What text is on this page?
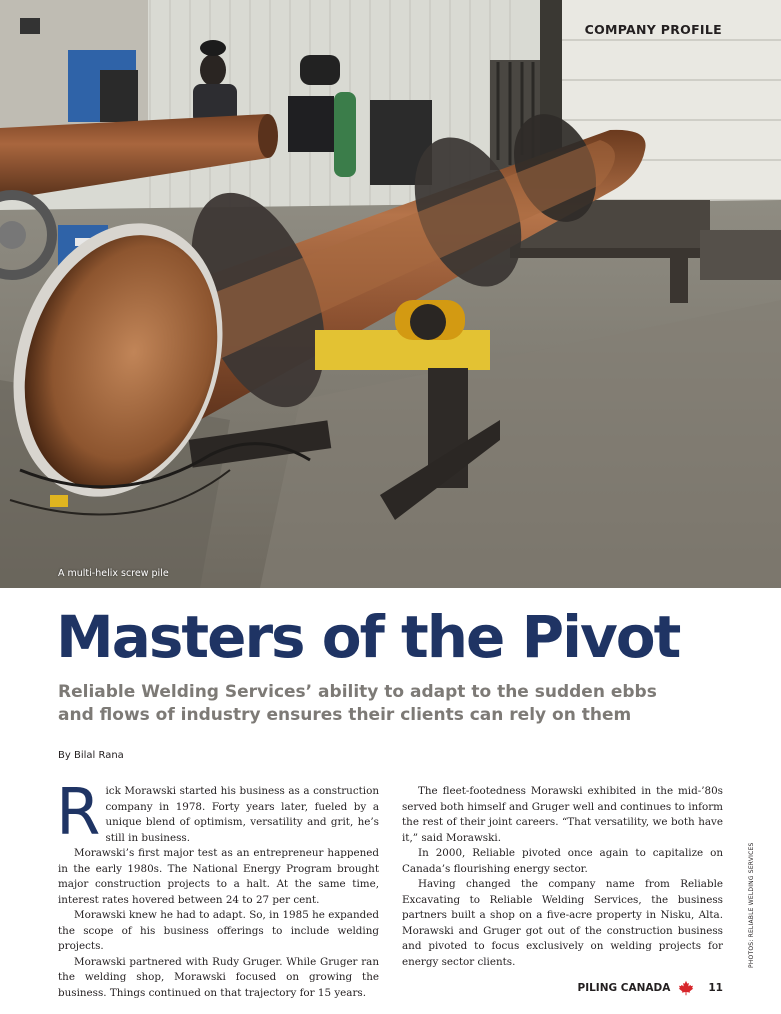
COMPANY PROFILE
A multi-helix screw pile
Masters of the Pivot
Reliable Welding Services’ ability to adapt to the sudden ebbs and flows of industry ensures their clients can rely on them
By Bilal Rana

Rick Morawski started his business as a construction company in 1978. Forty years later, fueled by a unique blend of optimism, versatility and grit, he’s still in business.

Morawski’s first major test as an entrepreneur happened in the early 1980s. The National Energy Program brought major construction projects to a halt. At the same time, interest rates hovered between 24 to 27 per cent.

Morawski knew he had to adapt. So, in 1985 he expanded the scope of his business offerings to include welding projects.

Morawski partnered with Rudy Gruger. While Gruger ran the welding shop, Morawski focused on growing the business. Things continued on that trajectory for 15 years.

The fleet-footedness Morawski exhibited in the mid-’80s served both himself and Gruger well and continues to inform the rest of their joint careers. “That versatility, we both have it,” said Morawski.

In 2000, Reliable pivoted once again to capitalize on Canada’s flourishing energy sector.

Having changed the company name from Reliable Excavating to Reliable Welding Services, the business partners built a shop on a five-acre property in Nisku, Alta. Morawski and Gruger got out of the construction business and pivoted to focus exclusively on welding projects for energy sector clients.	PHOTOS: RELIABLE WELDING SERVICES
PILING CANADA	11
